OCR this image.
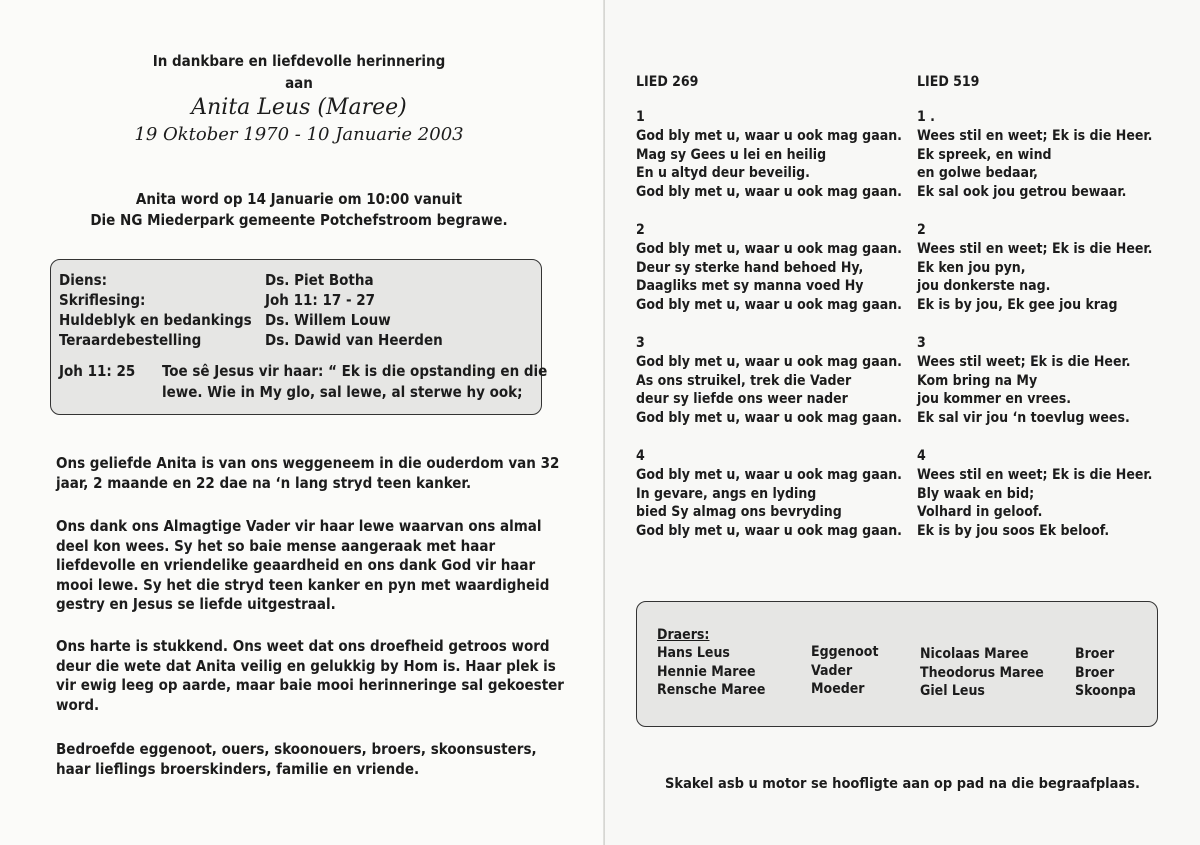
In dankbare en liefdevolle herinnering
aan
Anita Leus (Maree)
19 Oktober 1970 - 10 Januarie 2003
Anita word op 14 Januarie om 10:00 vanuit
Die NG Miederpark gemeente Potchefstroom begrawe.
Diens:
Skriflesing:
Huldeblyk en bedankings
Teraardebestelling
Ds. Piet Botha
Joh 11: 17 - 27
Ds. Willem Louw
Ds. Dawid van Heerden
Joh 11: 25 Toe sê Jesus vir haar: “ Ek is die opstanding en die
lewe. Wie in My glo, sal lewe, al sterwe hy ook;
Ons geliefde Anita is van ons weggeneem in die ouderdom van 32
jaar, 2 maande en 22 dae na ‘n lang stryd teen kanker.
Ons dank ons Almagtige Vader vir haar lewe waarvan ons almal
deel kon wees. Sy het so baie mense aangeraak met haar
liefdevolle en vriendelike geaardheid en ons dank God vir haar
mooi lewe. Sy het die stryd teen kanker en pyn met waardigheid
gestry en Jesus se liefde uitgestraal.
Ons harte is stukkend. Ons weet dat ons droefheid getroos word
deur die wete dat Anita veilig en gelukkig by Hom is. Haar plek is
vir ewig leeg op aarde, maar baie mooi herinneringe sal gekoester
word.
Bedroefde eggenoot, ouers, skoonouers, broers, skoonsusters,
haar lieflings broerskinders, familie en vriende.
LIED 269
1
God bly met u, waar u ook mag gaan.
Mag sy Gees u lei en heilig
En u altyd deur beveilig.
God bly met u, waar u ook mag gaan.
2
God bly met u, waar u ook mag gaan.
Deur sy sterke hand behoed Hy,
Daagliks met sy manna voed Hy
God bly met u, waar u ook mag gaan.
3
God bly met u, waar u ook mag gaan.
As ons struikel, trek die Vader
deur sy liefde ons weer nader
God bly met u, waar u ook mag gaan.
4
God bly met u, waar u ook mag gaan.
In gevare, angs en lyding
bied Sy almag ons bevryding
God bly met u, waar u ook mag gaan.
LIED 519
1 .
Wees stil en weet; Ek is die Heer.
Ek spreek, en wind
en golwe bedaar,
Ek sal ook jou getrou bewaar.
2
Wees stil en weet; Ek is die Heer.
Ek ken jou pyn,
jou donkerste nag.
Ek is by jou, Ek gee jou krag
3
Wees stil weet; Ek is die Heer.
Kom bring na My
jou kommer en vrees.
Ek sal vir jou ‘n toevlug wees.
4
Wees stil en weet; Ek is die Heer.
Bly waak en bid;
Volhard in geloof.
Ek is by jou soos Ek beloof.
Draers:
Hans Leus
Hennie Maree
Rensche Maree
Eggenoot
Vader
Moeder
Nicolaas Maree
Theodorus Maree
Giel Leus
Broer
Broer
Skoonpa
Skakel asb u motor se hoofligte aan op pad na die begraafplaas.
